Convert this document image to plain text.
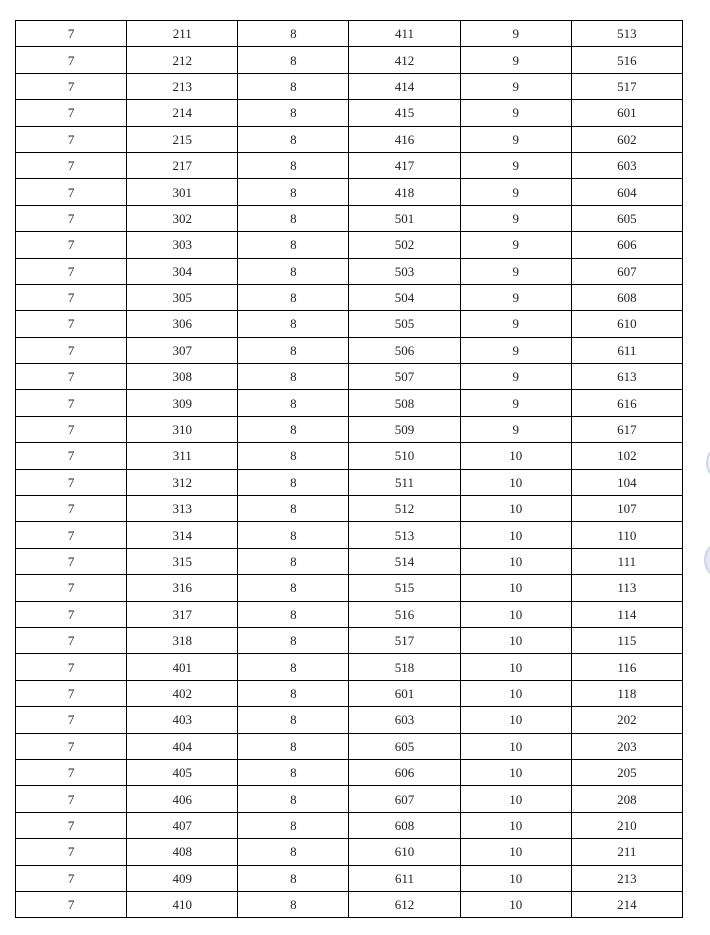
7	211	8	411	9	513
7	212	8	412	9	516
7	213	8	414	9	517
7	214	8	415	9	601
7	215	8	416	9	602
7	217	8	417	9	603
7	301	8	418	9	604
7	302	8	501	9	605
7	303	8	502	9	606
7	304	8	503	9	607
7	305	8	504	9	608
7	306	8	505	9	610
7	307	8	506	9	611
7	308	8	507	9	613
7	309	8	508	9	616
7	310	8	509	9	617
7	311	8	510	10	102
7	312	8	511	10	104
7	313	8	512	10	107
7	314	8	513	10	110
7	315	8	514	10	111
7	316	8	515	10	113
7	317	8	516	10	114
7	318	8	517	10	115
7	401	8	518	10	116
7	402	8	601	10	118
7	403	8	603	10	202
7	404	8	605	10	203
7	405	8	606	10	205
7	406	8	607	10	208
7	407	8	608	10	210
7	408	8	610	10	211
7	409	8	611	10	213
7	410	8	612	10	214
